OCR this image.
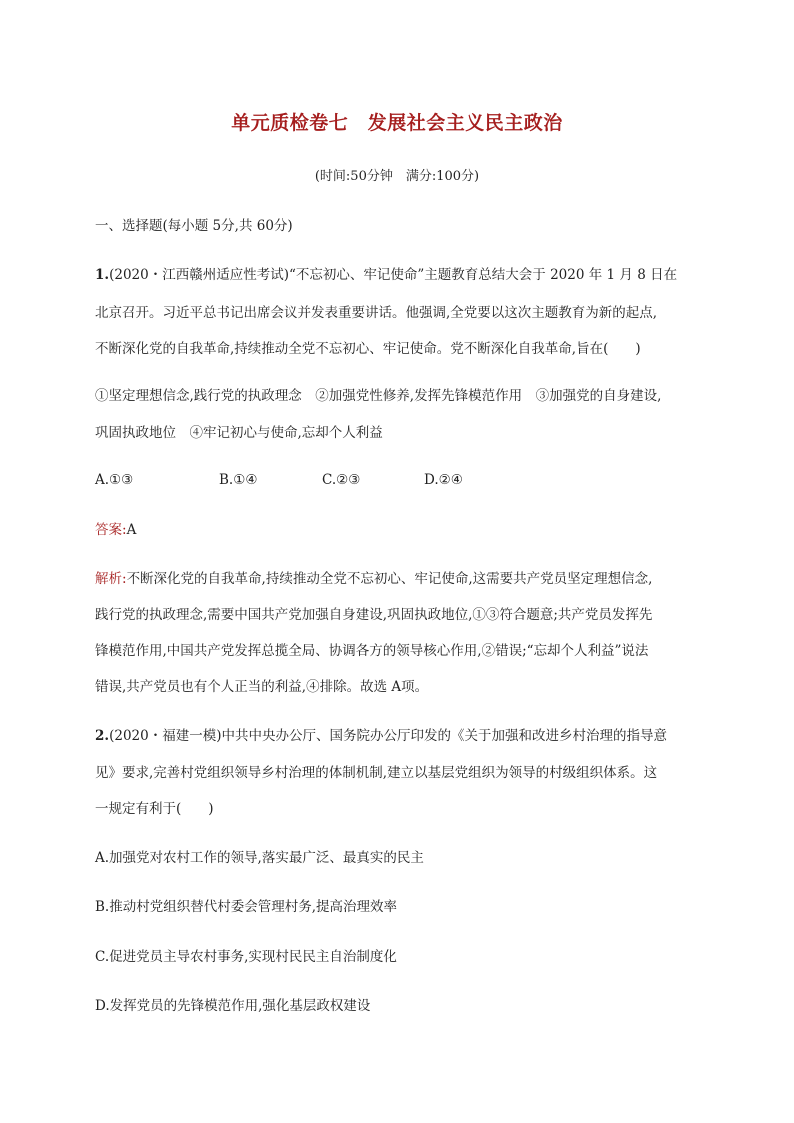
单元质检卷七　发展社会主义民主政治
(时间:50分钟　满分:100分)
一、选择题(每小题 5分,共 60分)
1.(2020・江西赣州适应性考试)“不忘初心、牢记使命”主题教育总结大会于 2020 年 1 月 8 日在
北京召开。习近平总书记出席会议并发表重要讲话。他强调,全党要以这次主题教育为新的起点,
不断深化党的自我革命,持续推动全党不忘初心、牢记使命。党不断深化自我革命,旨在(　　)
①坚定理想信念,践行党的执政理念　②加强党性修养,发挥先锋模范作用　③加强党的自身建设,
巩固执政地位　④牢记初心与使命,忘却个人利益
A.①③	B.①④	C.②③	D.②④
答案:A
解析:不断深化党的自我革命,持续推动全党不忘初心、牢记使命,这需要共产党员坚定理想信念,
践行党的执政理念,需要中国共产党加强自身建设,巩固执政地位,①③符合题意;共产党员发挥先
锋模范作用,中国共产党发挥总揽全局、协调各方的领导核心作用,②错误;“忘却个人利益”说法
错误,共产党员也有个人正当的利益,④排除。故选 A项。
2.(2020・福建一模)中共中央办公厅、国务院办公厅印发的《关于加强和改进乡村治理的指导意
见》要求,完善村党组织领导乡村治理的体制机制,建立以基层党组织为领导的村级组织体系。这
一规定有利于(　　)
A.加强党对农村工作的领导,落实最广泛、最真实的民主
B.推动村党组织替代村委会管理村务,提高治理效率
C.促进党员主导农村事务,实现村民民主自治制度化
D.发挥党员的先锋模范作用,强化基层政权建设
